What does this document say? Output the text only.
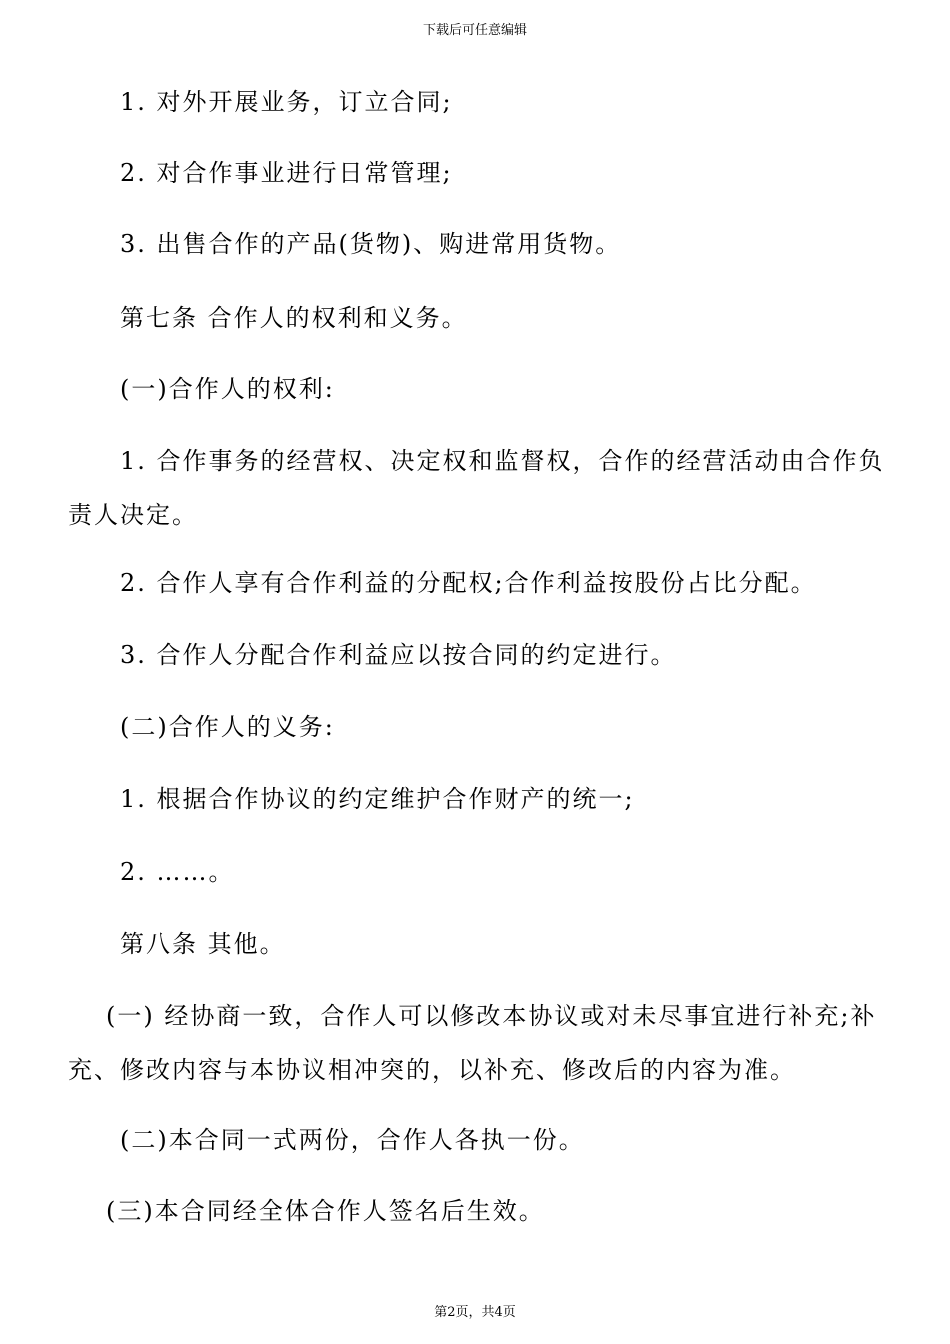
下载后可任意编辑

1. 对外开展业务，订立合同;

2. 对合作事业进行日常管理;

3. 出售合作的产品(货物)、购进常用货物。

第七条 合作人的权利和义务。

(一)合作人的权利:

1. 合作事务的经营权、决定权和监督权，合作的经营活动由合作负责人决定。

2. 合作人享有合作利益的分配权;合作利益按股份占比分配。

3. 合作人分配合作利益应以按合同的约定进行。

(二)合作人的义务:

1. 根据合作协议的约定维护合作财产的统一;

2. ……。

第八条 其他。

(一) 经协商一致，合作人可以修改本协议或对未尽事宜进行补充;补充、修改内容与本协议相冲突的，以补充、修改后的内容为准。

(二)本合同一式两份，合作人各执一份。

(三)本合同经全体合作人签名后生效。

第2页，共4页
